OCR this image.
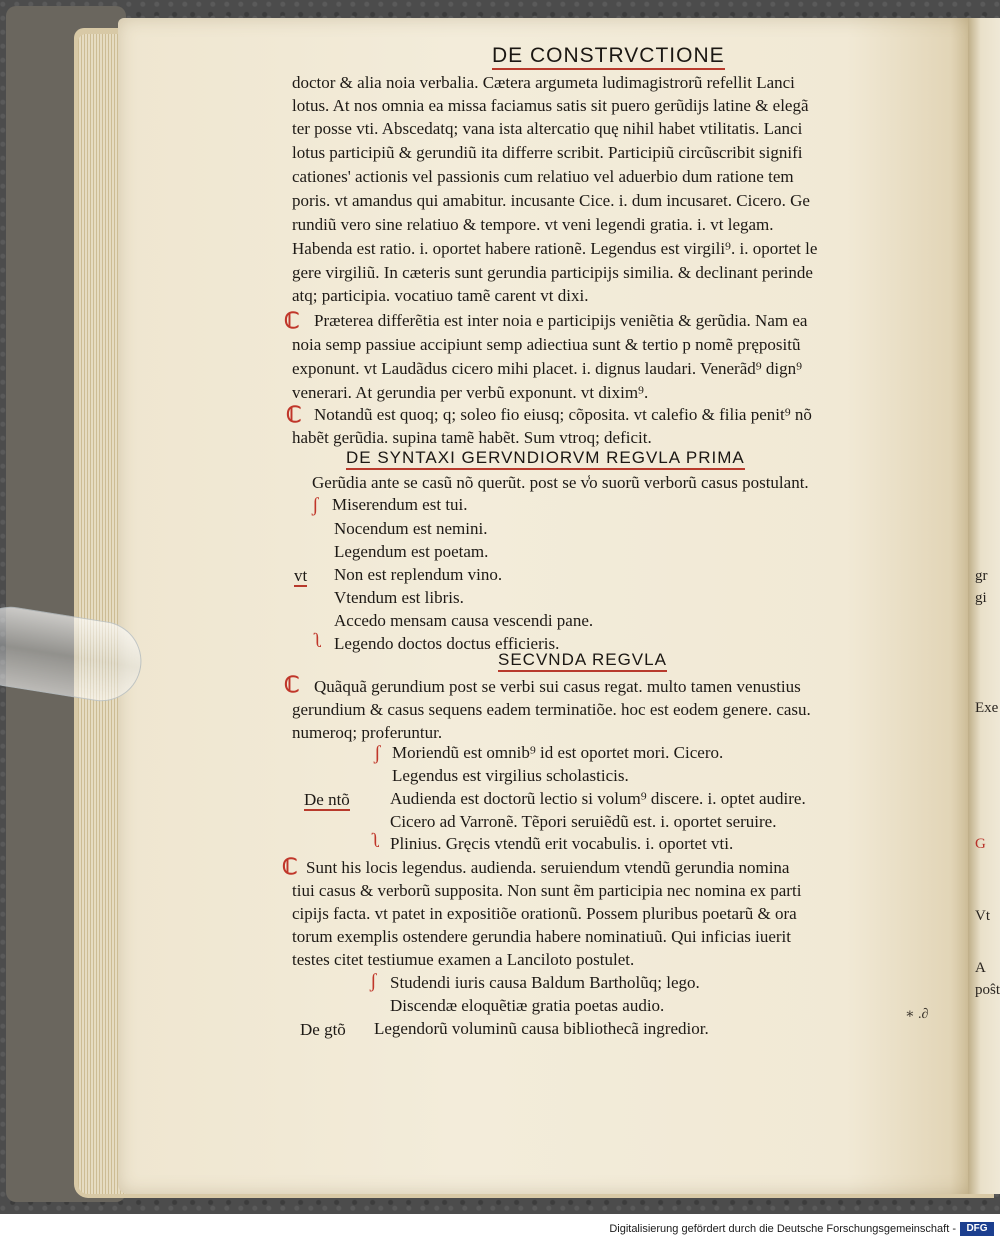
gr
gi
Exe
G
Vt
A
poŝt
DE CONSTRVCTIONE
doctor & alia noia verbalia. Cætera argumeta ludimagistrorũ refellit Lanci
lotus. At nos omnia ea missa faciamus satis sit puero gerũdijs latine & elegã
ter posse vti. Abscedatq; vana ista altercatio quę nihil habet vtilitatis. Lanci
lotus participiũ & gerundiũ ita differre scribit. Participiũ circũscribit signifi
cationes' actionis vel passionis cum relatiuo vel aduerbio dum ratione tem
poris. vt amandus qui amabitur. incusante Cice. i. dum incusaret. Cicero. Ge
rundiũ vero sine relatiuo & tempore. vt veni legendi gratia. i. vt legam.
Habenda est ratio. i. oportet habere rationẽ. Legendus est virgili⁹. i. oportet le
gere virgiliũ. In cæteris sunt gerundia participijs similia. & declinant perinde
atq; participia. vocatiuo tamẽ carent vt dixi.
ℂ Præterea differẽtia est inter noia e participijs veniẽtia & gerũdia. Nam ea
noia semp passiue accipiunt semp adiectiua sunt & tertio p nomẽ prępositũ
exponunt. vt Laudãdus cicero mihi placet. i. dignus laudari. Venerãd⁹ dign⁹
venerari. At gerundia per verbũ exponunt. vt dixim⁹.
ℂ Notandũ est quoq; q; soleo fio eiusq; cõposita. vt calefio & filia penit⁹ nõ
habẽt gerũdia. supina tamẽ habẽt. Sum vtroq; deficit.
DE SYNTAXI GERVNDIORVM REGVLA PRIMA
Gerũdia ante se casũ nõ querũt. post se v̾o suorũ verborũ casus postulant.
ʃ Miserendum est tui.
Nocendum est nemini.
Legendum est poetam.
vt Non est replendum vino.
Vtendum est libris.
Accedo mensam causa vescendi pane.
ʅ Legendo doctos doctus efficieris.
SECVNDA REGVLA
ℂ Quãquã gerundium post se verbi sui casus regat. multo tamen venustius
gerundium & casus sequens eadem terminatiõe. hoc est eodem genere. casu.
numeroq; proferuntur.
ʃ Moriendũ est omnib⁹ id est oportet mori. Cicero.
Legendus est virgilius scholasticis.
De ntõ Audienda est doctorũ lectio si volum⁹ discere. i. optet audire.
Cicero ad Varronẽ. Tẽpori seruiẽdũ est. i. oportet seruire.
ʅ Plinius. Gręcis vtendũ erit vocabulis. i. oportet vti.
ℂ Sunt his locis legendus. audienda. seruiendum vtendũ gerundia nomina
tiui casus & verborũ supposita. Non sunt ẽm participia nec nomina ex parti
cipijs facta. vt patet in expositiõe orationũ. Possem pluribus poetarũ & ora
torum exemplis ostendere gerundia habere nominatiuũ. Qui inficias iuerit
testes citet testiumue examen a Lanciloto postulet.
ʃ Studendi iuris causa Baldum Bartholũq; lego.
Discendæ eloquẽtiæ gratia poetas audio.
De gtõ Legendorũ voluminũ causa bibliothecã ingredior.
∗ .∂
Digitalisierung gefördert durch die Deutsche Forschungsgemeinschaft -	DFG
